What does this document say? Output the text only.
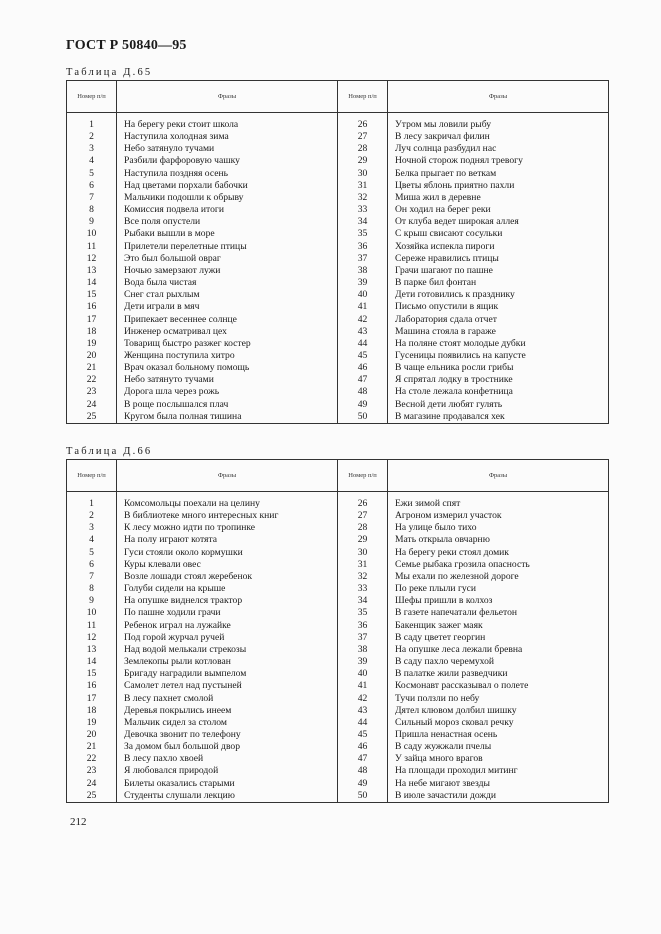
ГОСТ Р 50840—95
Таблица Д.65
Номер п/п	Фразы	Номер п/п	Фразы

1	На берегу реки стоит школа	26	Утром мы ловили рыбу
2	Наступила холодная зима	27	В лесу закричал филин
3	Небо затянуло тучами	28	Луч солнца разбудил нас
4	Разбили фарфоровую чашку	29	Ночной сторож поднял тревогу
5	Наступила поздняя осень	30	Белка прыгает по веткам
6	Над цветами порхали бабочки	31	Цветы яблонь приятно пахли
7	Мальчики подошли к обрыву	32	Миша жил в деревне
8	Комиссия подвела итоги	33	Он ходил на берег реки
9	Все поля опустели	34	От клуба ведет широкая аллея
10	Рыбаки вышли в море	35	С крыш свисают сосульки
11	Прилетели перелетные птицы	36	Хозяйка испекла пироги
12	Это был большой овраг	37	Сереже нравились птицы
13	Ночью замерзают лужи	38	Грачи шагают по пашне
14	Вода была чистая	39	В парке бил фонтан
15	Снег стал рыхлым	40	Дети готовились к празднику
16	Дети играли в мяч	41	Письмо опустили в ящик
17	Припекает весеннее солнце	42	Лаборатория сдала отчет
18	Инженер осматривал цех	43	Машина стояла в гараже
19	Товарищ быстро разжег костер	44	На поляне стоят молодые дубки
20	Женщина поступила хитро	45	Гусеницы появились на капусте
21	Врач оказал больному помощь	46	В чаще ельника росли грибы
22	Небо затянуто тучами	47	Я спрятал лодку в тростнике
23	Дорога шла через рожь	48	На столе лежала конфетница
24	В роще послышался плач	49	Весной дети любят гулять
25	Кругом была полная тишина	50	В магазине продавался хек
Таблица Д.66
Номер п/п	Фразы	Номер п/п	Фразы

1	Комсомольцы поехали на целину	26	Ежи зимой спят
2	В библиотеке много интересных книг	27	Агроном измерил участок
3	К лесу можно идти по тропинке	28	На улице было тихо
4	На полу играют котята	29	Мать открыла овчарню
5	Гуси стояли около кормушки	30	На берегу реки стоял домик
6	Куры клевали овес	31	Семье рыбака грозила опасность
7	Возле лошади стоял жеребенок	32	Мы ехали по железной дороге
8	Голуби сидели на крыше	33	По реке плыли гуси
9	На опушке виднелся трактор	34	Шефы пришли в колхоз
10	По пашне ходили грачи	35	В газете напечатали фельетон
11	Ребенок играл на лужайке	36	Бакенщик зажег маяк
12	Под горой журчал ручей	37	В саду цветет георгин
13	Над водой мелькали стрекозы	38	На опушке леса лежали бревна
14	Землекопы рыли котлован	39	В саду пахло черемухой
15	Бригаду наградили вымпелом	40	В палатке жили разведчики
16	Самолет летел над пустыней	41	Космонавт рассказывал о полете
17	В лесу пахнет смолой	42	Тучи ползли по небу
18	Деревья покрылись инеем	43	Дятел клювом долбил шишку
19	Мальчик сидел за столом	44	Сильный мороз сковал речку
20	Девочка звонит по телефону	45	Пришла ненастная осень
21	За домом был большой двор	46	В саду жужжали пчелы
22	В лесу пахло хвоей	47	У зайца много врагов
23	Я любовался природой	48	На площади проходил митинг
24	Билеты оказались старыми	49	На небе мигают звезды
25	Студенты слушали лекцию	50	В июле зачастили дожди
212
